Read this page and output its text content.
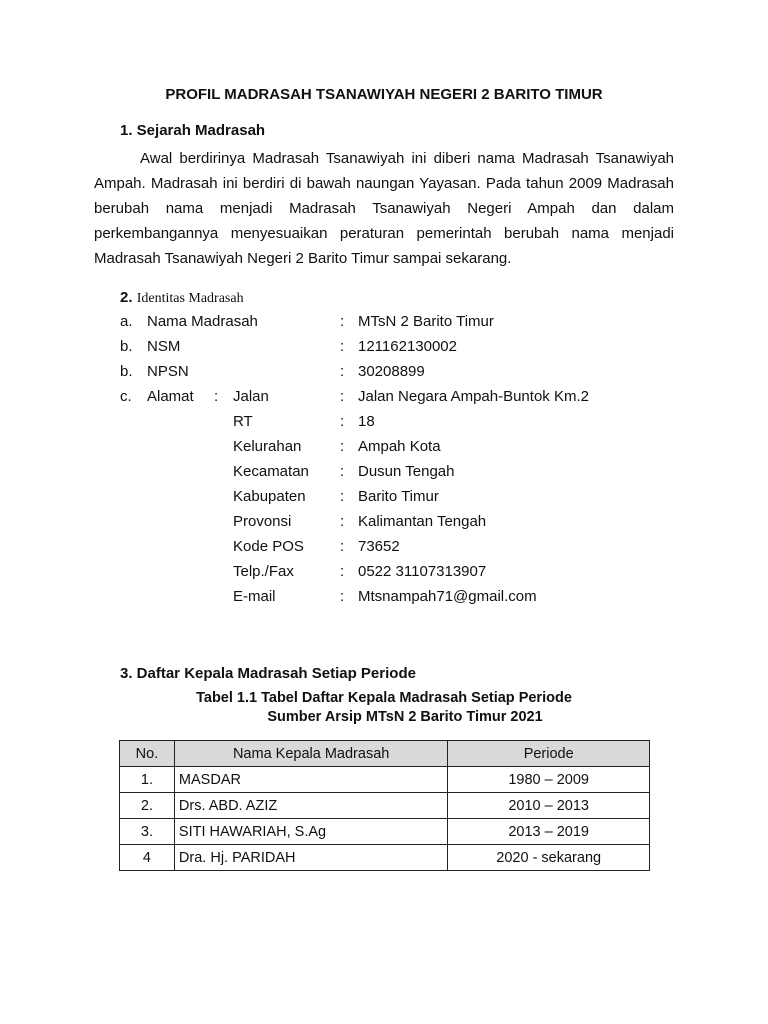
PROFIL MADRASAH TSANAWIYAH NEGERI 2 BARITO TIMUR
1. Sejarah Madrasah
Awal berdirinya Madrasah Tsanawiyah ini diberi nama Madrasah Tsanawiyah Ampah. Madrasah ini berdiri di bawah naungan Yayasan. Pada tahun 2009 Madrasah berubah nama menjadi Madrasah Tsanawiyah Negeri Ampah dan dalam perkembangannya menyesuaikan peraturan pemerintah berubah nama menjadi Madrasah Tsanawiyah Negeri 2 Barito Timur sampai sekarang.
2. Identitas Madrasah
a. Nama Madrasah	: MTsN 2 Barito Timur
b. NSM	: 121162130002
b. NPSN	: 30208899
c. Alamat : Jalan	: Jalan Negara Ampah-Buntok Km.2
RT	: 18
Kelurahan	: Ampah Kota
Kecamatan : Dusun Tengah
Kabupaten : Barito Timur
Provonsi	: Kalimantan Tengah
Kode POS : 73652
Telp./Fax	: 0522 31107313907
E-mail	: Mtsnampah71@gmail.com
3. Daftar Kepala Madrasah Setiap Periode
Tabel 1.1 Tabel Daftar Kepala Madrasah Setiap Periode
Sumber Arsip MTsN 2 Barito Timur 2021
No.	Nama Kepala Madrasah	Periode
1.	MASDAR	1980 – 2009
2.	Drs. ABD. AZIZ	2010 – 2013
3.	SITI HAWARIAH, S.Ag	2013 – 2019
4	Dra. Hj. PARIDAH	2020 - sekarang
